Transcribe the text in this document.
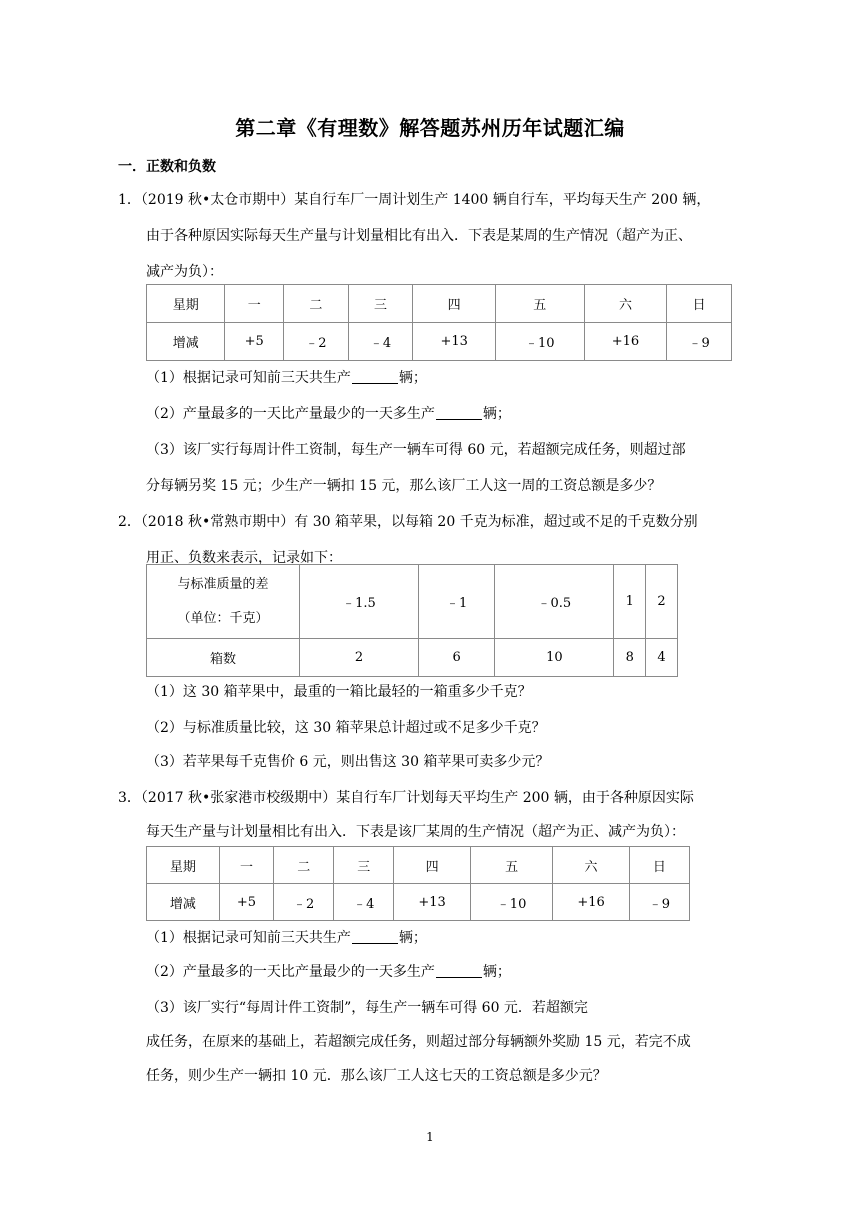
第二章《有理数》解答题苏州历年试题汇编
一．正数和负数
1．（2019 秋•太仓市期中）某自行车厂一周计划生产 1400 辆自行车，平均每天生产 200 辆，
由于各种原因实际每天生产量与计划量相比有出入．下表是某周的生产情况（超产为正、
减产为负）：
星期	一	二	三	四	五	六	日
增减	+5	﹣2	﹣4	+13	﹣10	+16	﹣9
（1）根据记录可知前三天共生产	辆；
（2）产量最多的一天比产量最少的一天多生产	辆；
（3）该厂实行每周计件工资制，每生产一辆车可得 60 元，若超额完成任务，则超过部
分每辆另奖 15 元；少生产一辆扣 15 元，那么该厂工人这一周的工资总额是多少？
2．（2018 秋•常熟市期中）有 30 箱苹果，以每箱 20 千克为标准，超过或不足的千克数分别
用正、负数来表示，记录如下：
与标准质量的差
（单位：千克）	﹣1.5	﹣1	﹣0.5	1	2
箱数	2	6	10	8	4
（1）这 30 箱苹果中，最重的一箱比最轻的一箱重多少千克？
（2）与标准质量比较，这 30 箱苹果总计超过或不足多少千克？
（3）若苹果每千克售价 6 元，则出售这 30 箱苹果可卖多少元？
3．（2017 秋•张家港市校级期中）某自行车厂计划每天平均生产 200 辆，由于各种原因实际
每天生产量与计划量相比有出入．下表是该厂某周的生产情况（超产为正、减产为负）：
星期	一	二	三	四	五	六	日
增减	+5	﹣2	﹣4	+13	﹣10	+16	﹣9
（1）根据记录可知前三天共生产	辆；
（2）产量最多的一天比产量最少的一天多生产	辆；
（3）该厂实行“每周计件工资制”，每生产一辆车可得 60 元．若超额完
成任务，在原来的基础上，若超额完成任务，则超过部分每辆额外奖励 15 元，若完不成
任务，则少生产一辆扣 10 元．那么该厂工人这七天的工资总额是多少元？
1
